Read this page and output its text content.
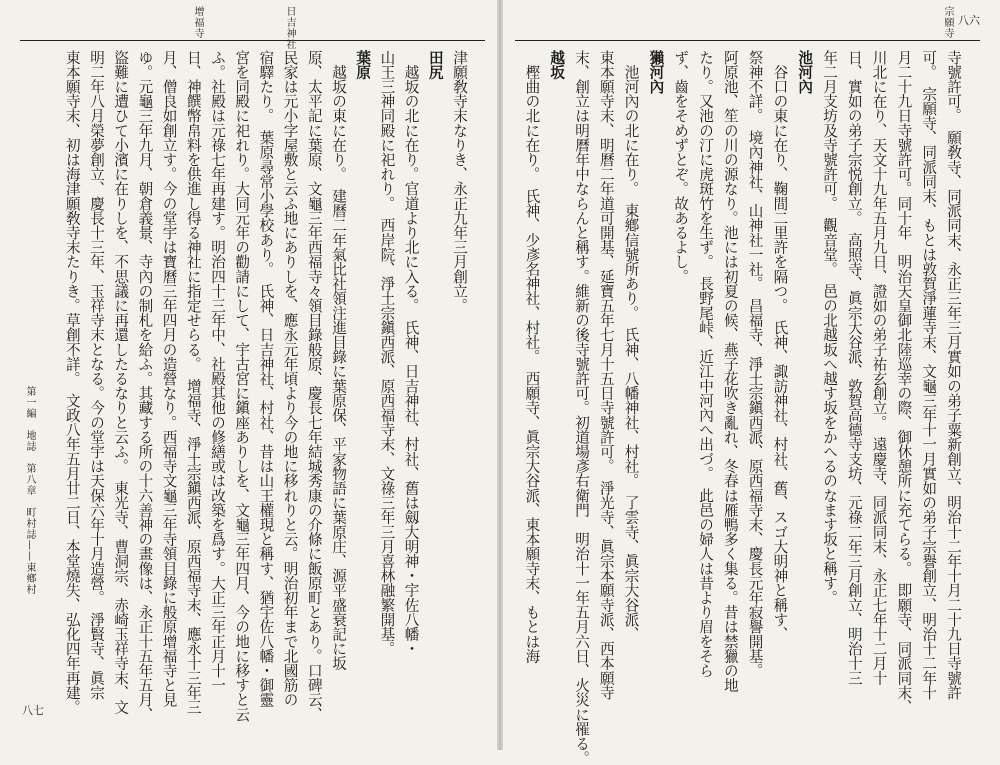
宗願寺 八六
寺號許可。　願敎寺、同派同末、永正三年三月實如の弟子粟新創立、明治十二年十月二十九日寺號許
可。　宗願寺、同派同末、もとは敦賀淨蓮寺末、文龜三年十一月實如の弟子宗譽創立、明治十二年十
月二十九日寺號許可。同十年　明治天皇御北陸巡幸の際、御休憩所に充てらる。　即願寺、同派同末、
川北に在り、天文十九年五月九日、證如の弟子祐玄創立。　遠慶寺、同派同末、永正七年十二月十
日、實如の弟子宗悦創立。　高照寺、眞宗大谷派、敦賀高德寺支坊、元祿二年三月創立、明治十三
年二月支坊及寺號許可。　觀音堂。　邑の北越坂へ越す坂をかへるのなます坂と稱す。
池河內
　谷口の東に在り、鞠間二里許を隔つ。　氏神、諏訪神社、村社、舊、スゴ大明神と稱す、
祭神不詳。　境內神社、山神社一社。　昌福寺、淨土宗鎭西派、原西福寺末、慶長元年寂譽開基。
阿原池、笙の川の源なり。池には初夏の候、燕子花吹き亂れ、冬春は雁鴨多く集る。昔は禁獵の地
たり。又池の汀に虎斑竹を生ず。　長野尾峠、近江中河內へ出づ。　此邑の婦人は昔より眉をそら
ず、齒をそめずとぞ。故あるよし。
獺河內
　池河內の北に在り。　東鄕信號所あり。　氏神、八幡神社、村社。　了雲寺、眞宗大谷派、
東本願寺末、明曆二年道可開基、延寶五年七月十五日寺號許可。　淨光寺、眞宗本願寺派、西本願寺
末、創立は明曆年中ならんと稱す。維新の後寺號許可。初道場彥右衛門　明治十一年五月六日、火災に罹る。
越坂
　樫曲の北に在り。　氏神、少彥名神社、村社。　西願寺、眞宗大谷派、東本願寺末、もとは海
日吉神社
增福寺
八七
第一編　地誌　第八章　町村誌——東鄕村
津願敎寺末なりき、永正九年三月創立。
田尻
　越坂の北に在り。官道より北に入る。　氏神、日吉神社、村社、舊は劔大明神・宇佐八幡・
山王三神同殿に祀れり。　西岸院、淨土宗鎭西派、原西福寺末、文祿三年三月喜林融繁開基。
葉原
　越坂の東に在り。　建曆二年氣比社領注進目錄に葉原保、平家物語に葉原庄、源平盛衰記に坂
原、太平記に葉原、文龜三年西福寺々領目錄般原、慶長七年結城秀康の介條に飯原町とあり。口碑云、
民家は元小字屋敷と云ふ地にありしを、應永元年頃より今の地に移れりと云。明治初年まで北國筋の
宿驛たり。　葉原尋常小學校あり。　氏神、日吉神社、村社、昔は山王權現と稱す、猶宇佐八幡・御靈
宮を同殿に祀れり。大同元年の勸請にして、宇古宮に鎭座ありしを、文龜三年四月、今の地に移すと云
ふ。社殿は元祿七年再建す。明治四十三年中、社殿其他の修繕或は改築を爲す。大正三年正月十一
日、神饌幣帛料を供進し得る神社に指定せらる。　增福寺、淨土宗鎭西派、原西福寺末、應永十三年三
月、僧良如創立す。今の堂宇は寶曆三年四月の造營なり。西福寺文龜三年寺領目錄に般原增福寺と見
ゆ。元龜三年九月、朝倉義景、寺內の制札を給ふ。其藏する所の十六善神の畫像は、永正十五年五月、
盜難に遭ひて小濱に在りしを、不思議に再還したるなりと云ふ。　東光寺、曹洞宗、赤崎玉祥寺末、文
明二年八月榮夢創立、慶長十三年、玉祥寺末となる。今の堂宇は天保六年十月造營。　淨賢寺、眞宗
東本願寺末、初は海津願敎寺末たりき。草創不詳。　文政八年五月廿二日、本堂燒失、弘化四年再建。
